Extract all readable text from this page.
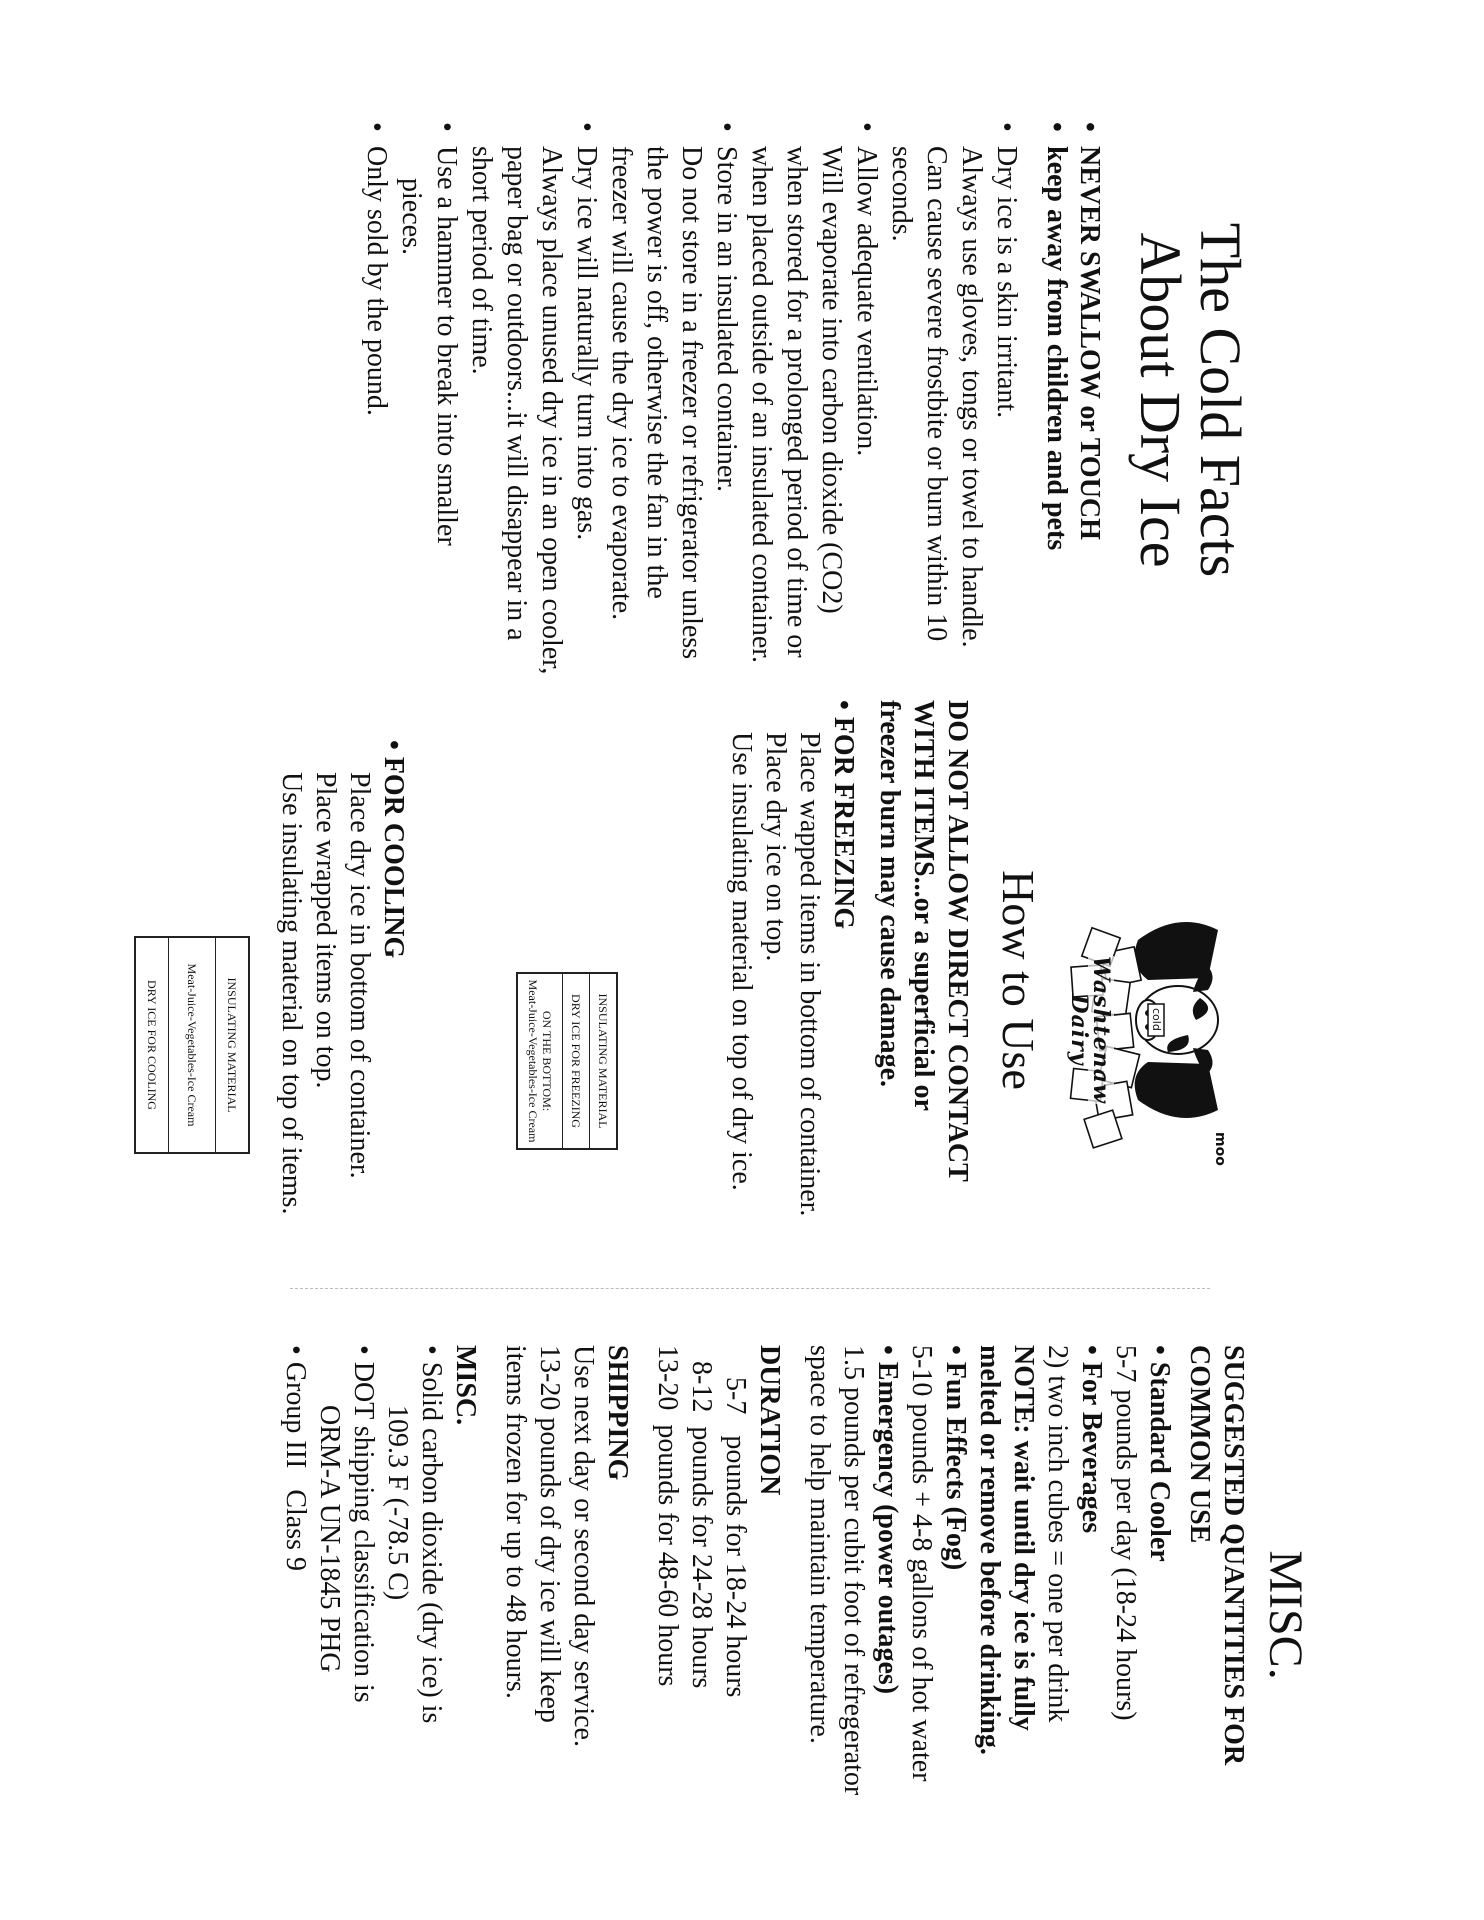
The Cold Facts
About Dry Ice
• NEVER SWALLOW or TOUCH
• keep away from children and pets
• Dry ice is a skin irritant.
Always use gloves, tongs or towel to handle. Can cause severe frostbite or burn within 10 seconds.
• Allow adequate ventilation.
Will evaporate into carbon dioxide (CO2) when stored for a prolonged period of time or when placed outside of an insulated container.
• Store in an insulated container.
Do not store in a freezer or refrigerator unless the power is off, otherwise the fan in the freezer will cause the dry ice to evaporate.
• Dry ice will naturally turn into gas.
Always place unused dry ice in an open cooler, paper bag or outdoors...it will disappear in a short period of time.
• Use a hammer to break into smaller
pieces.
• Only sold by the pound.
moo
cold
Washtenaw
Dairy
How to Use

DO NOT ALLOW DIRECT CONTACT

WITH ITEMS...or a superficial or

freezer burn may cause damage.

• FOR FREEZING

Place wapped items in bottom of container.

Place dry ice on top.

Use insulating material on top of dry ice.

INSULATING MATERIAL
DRY ICE FOR FREEZING
ON THE BOTTOM:
Meat-Juice-Vegetables-Ice Cream

• FOR COOLING

Place dry ice in bottom of container.

Place wrapped items on top.

Use insulating material on top of items.

INSULATING MATERIAL
Meat-Juice-Vegetables-Ice Cream
DRY ICE FOR COOLING
MISC.

SUGGESTED QUANTITIES FOR

COMMON USE

• Standard Cooler

5-7 pounds per day (18-24 hours)

• For Beverages

2) two inch cubes = one per drink

NOTE: wait until dry ice is fully

melted or remove before drinking.

• Fun Effects (Fog)

5-10 pounds + 4-8 gallons of hot water

• Emergency (power outages)

1.5 pounds per cubit foot of refregerator

space to help maintain temperature.

DURATION

5-7   pounds for 18-24 hours

8-12  pounds for 24-28 hours

13-20  pounds for 48-60 hours

SHIPPING

Use next day or second day service.

13-20 pounds of dry ice will keep

items frozen for up to 48 hours.

MISC.

• Solid carbon dioxide (dry ice) is

109.3 F (-78.5 C)

• DOT shipping classification is

ORM-A UN-1845 PHG

• Group III   Class 9
